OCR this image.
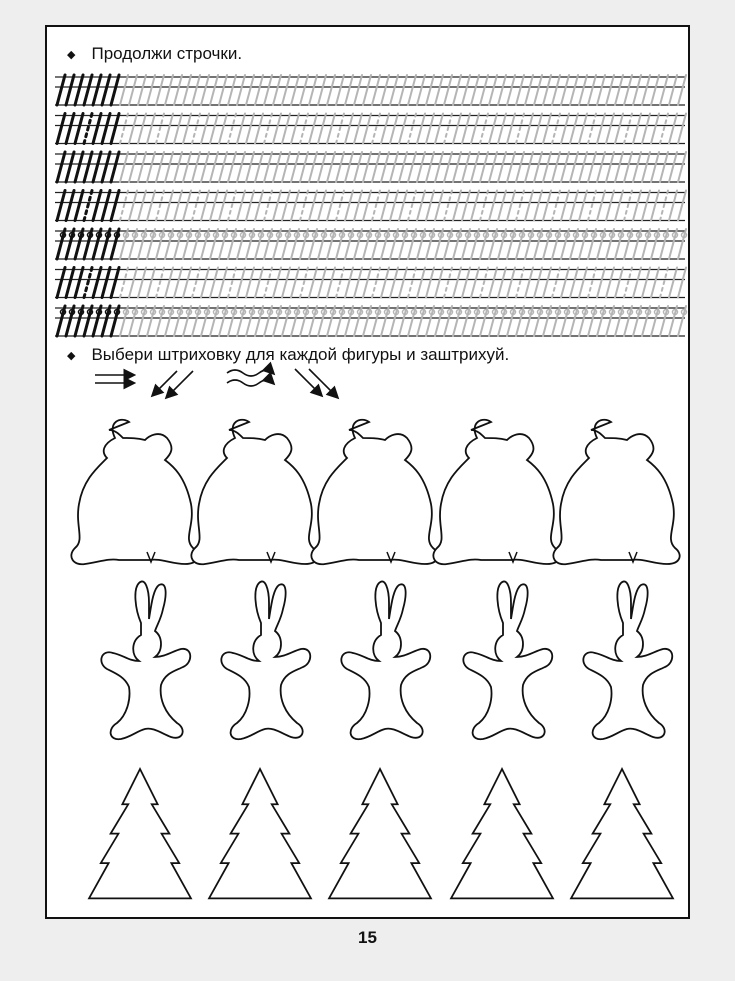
◆ Продолжи строчки.
◆ Выбери штриховку для каждой фигуры и заштрихуй.
15
